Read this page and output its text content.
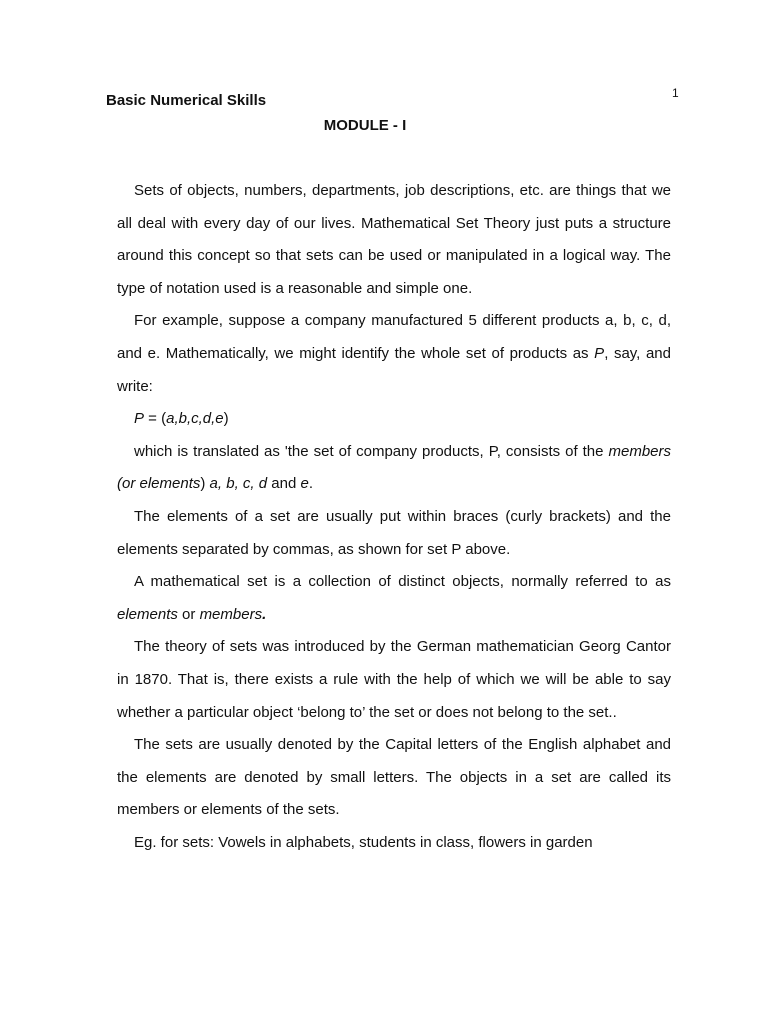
1
Basic Numerical Skills
MODULE - I

Sets of objects, numbers, departments, job descriptions, etc. are things that we all deal with every day of our lives. Mathematical Set Theory just puts a structure around this concept so that sets can be used or manipulated in a logical way. The type of notation used is a reasonable and simple one.

For example, suppose a company manufactured 5 different products a, b, c, d, and e. Mathematically, we might identify the whole set of products as P, say, and write:

P = (a,b,c,d,e)

which is translated as 'the set of company products, P, consists of the members (or elements) a, b, c, d and e.

The elements of a set are usually put within braces (curly brackets) and the elements separated by commas, as shown for set P above.

A mathematical set is a collection of distinct objects, normally referred to as elements or members.

The theory of sets was introduced by the German mathematician Georg Cantor in 1870. That is, there exists a rule with the help of which we will be able to say whether a particular object ‘belong to’ the set or does not belong to the set..

The sets are usually denoted by the Capital letters of the English alphabet and the elements are denoted by small letters. The objects in a set are called its members or elements of the sets.

Eg. for sets: Vowels in alphabets, students in class, flowers in garden
